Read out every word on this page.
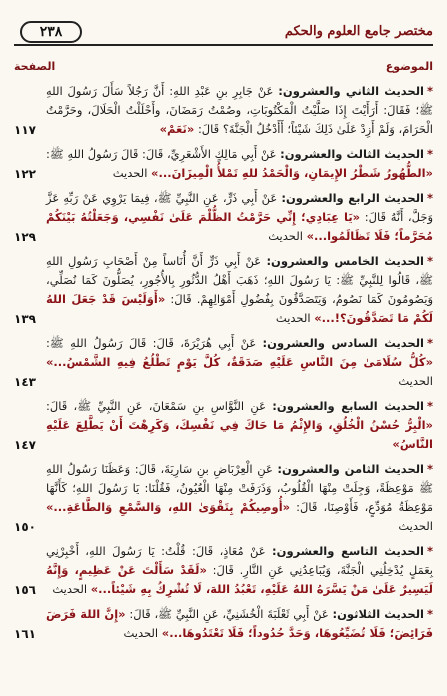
مختصر جامع العلوم والحكم
٢٣٨
الموضوع
الصفحة
*الحديث الثاني والعشرون: عَنْ جَابِرِ بنِ عَبْدِ اللهِ: أَنَّ رَجُلاً سَأَلَ رَسُولَ اللهِ ﷺ؛ فَقَالَ: أَرَأَيْتَ إِذَا صَلَّيْتُ الْمَكْتُوبَاتِ، وصُمْتُ رَمَضَانَ، وأَحْلَلْتُ الْحَلَالَ، وحَرَّمْتُ الْحَرَامَ، وَلَمْ أَزِدْ عَلَىٰ ذَلِكَ شَيْئاً؛ أَأَدْخُلُ الْجَنَّةَ؟ قَالَ: «نَعَمْ»
١١٧
*الحديث الثالث والعشرون: عَنْ أَبِي مَالِكٍ الأَشْعَرِيِّ، قَالَ: قَالَ رَسُولُ اللهِ ﷺ: «الطُّهُورُ شَطْرُ الإِيمَانِ، وَالْحَمْدُ للهِ تَمْلأُ الْمِيزَانَ...» الحديث
١٢٢
*الحديث الرابع والعشرون: عَنْ أَبِي ذَرٍّ، عَنِ النَّبِيِّ ﷺ، فِيمَا يَرْوِي عَنْ رَبِّهِ عَزَّ وَجَلَّ، أَنَّهُ قَالَ: «يَا عِبَادِي؛ إِنِّي حَرَّمْتُ الظُّلْمَ عَلَىٰ نَفْسِي، وَجَعَلْتُهُ بَيْنَكُمْ مُحَرَّماً؛ فَلَا تَظَالَمُوا...» الحديث
١٢٩
*الحديث الخامس والعشرون: عَنْ أَبِي ذَرٍّ أَنَّ أُنَاساً مِنْ أَصْحَابِ رَسُولِ اللهِ ﷺ، قَالُوا لِلنَّبِيِّ ﷺ: يَا رَسُولَ اللهِ؛ ذَهَبَ أَهْلُ الدُّثُورِ بِالأُجُورِ، يُصَلُّونَ كَمَا نُصَلِّي، وَيَصُومُونَ كَمَا نَصُومُ، وَيَتَصَدَّقُونَ بِفُضُولِ أَمْوَالِهِمْ. قَالَ: «أَوَلَيْسَ قَدْ جَعَلَ اللهُ لَكُمْ مَا تَصَدَّقُونَ؟!...» الحديث
١٣٩
*الحديث السادس والعشرون: عَنْ أَبِي هُرَيْرَةَ، قَالَ: قَالَ رَسُولُ اللهِ ﷺ: «كُلُّ سُلَامَىٰ مِنَ النَّاسِ عَلَيْهِ صَدَقَةٌ، كُلَّ يَوْمٍ تَطْلُعُ فِيهِ الشَّمْسُ...» الحديث
١٤٣
*الحديث السابع والعشرون: عَنِ النَّوَّاسِ بنِ سَمْعَانَ، عَنِ النَّبِيِّ ﷺ، قَالَ: «الْبِرُّ حُسْنُ الْخُلُقِ، وَالإِثْمُ مَا حَاكَ فِي نَفْسِكَ، وَكَرِهْتَ أَنْ يَطَّلِعَ عَلَيْهِ النَّاسُ»
١٤٧
*الحديث الثامن والعشرون: عَنِ الْعِرْبَاضِ بنِ سَارِيَةَ، قَالَ: وَعَظَنَا رَسُولُ اللهِ ﷺ مَوْعِظَةً، وَجِلَتْ مِنْهَا الْقُلُوبُ، وَذَرَفَتْ مِنْهَا الْعُيُونُ، فَقُلْنَا: يَا رَسُولَ اللهِ؛ كَأَنَّهَا مَوْعِظَةُ مُوَدِّعٍ، فَأَوْصِنَا، قَالَ: «أُوصِيكُمْ بِتَقْوَىٰ اللهِ، وَالسَّمْعِ وَالطَّاعَةِ...» الحديث
١٥٠
*الحديث التاسع والعشرون: عَنْ مُعَاذٍ، قَالَ: قُلْتُ: يَا رَسُولَ اللهِ، أَخْبِرْنِي بِعَمَلٍ يُدْخِلُنِي الْجَنَّةَ، وَيُبَاعِدُنِي عَنِ النَّارِ. قَالَ: «لَقَدْ سَأَلْتَ عَنْ عَظِيمٍ، وَإِنَّهُ لَيَسِيرٌ عَلَىٰ مَنْ يَسَّرَهُ اللهُ عَلَيْهِ، تَعْبُدُ اللهَ، لَا تُشْرِكُ بِهِ شَيْئاً...» الحديث
١٥٦
*الحديث الثلاثون: عَنْ أَبِي ثَعْلَبَةَ الْخُشَنِيِّ، عَنِ النَّبِيِّ ﷺ، قَالَ: «إِنَّ اللهَ فَرَضَ فَرَائِضَ؛ فَلَا تُضَيِّعُوهَا، وَحَدَّ حُدُوداً؛ فَلَا تَعْتَدُوهَا...» الحديث
١٦١
